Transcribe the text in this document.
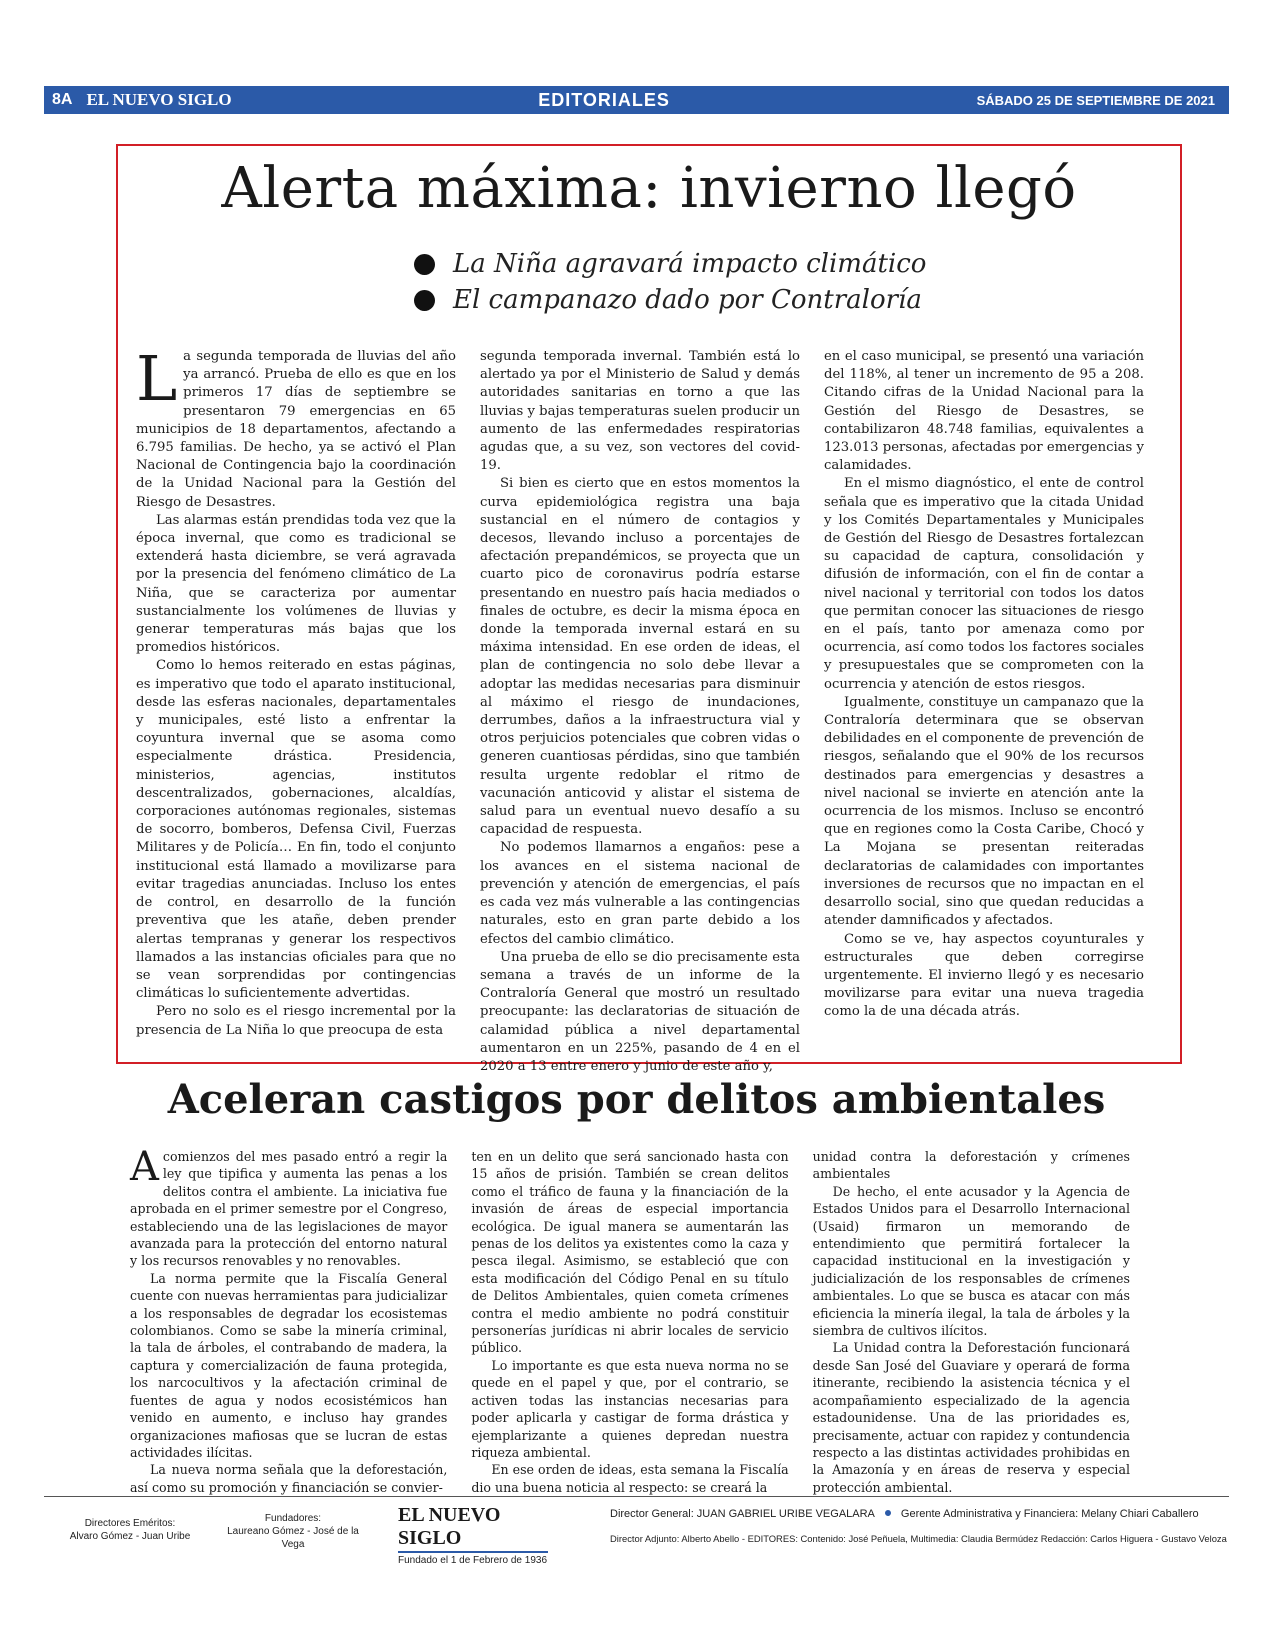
8A EL NUEVO SIGLO	EDITORIALES	SÁBADO 25 DE SEPTIEMBRE DE 2021
Alerta máxima: invierno llegó
La Niña agravará impacto climático
El campanazo dado por Contraloría

La segunda temporada de lluvias del año ya arrancó. Prueba de ello es que en los primeros 17 días de septiembre se presentaron 79 emergencias en 65 municipios de 18 departamentos, afectando a 6.795 familias. De hecho, ya se activó el Plan Nacional de Contingencia bajo la coordinación de la Unidad Nacional para la Gestión del Riesgo de Desastres.

Las alarmas están prendidas toda vez que la época invernal, que como es tradicional se extenderá hasta diciembre, se verá agravada por la presencia del fenómeno climático de La Niña, que se caracteriza por aumentar sustancialmente los volúmenes de lluvias y generar temperaturas más bajas que los promedios históricos.

Como lo hemos reiterado en estas páginas, es imperativo que todo el aparato institucional, desde las esferas nacionales, departamentales y municipales, esté listo a enfrentar la coyuntura invernal que se asoma como especialmente drástica. Presidencia, ministerios, agencias, institutos descentralizados, gobernaciones, alcaldías, corporaciones autónomas regionales, sistemas de socorro, bomberos, Defensa Civil, Fuerzas Militares y de Policía… En fin, todo el conjunto institucional está llamado a movilizarse para evitar tragedias anunciadas. Incluso los entes de control, en desarrollo de la función preventiva que les atañe, deben prender alertas tempranas y generar los respectivos llamados a las instancias oficiales para que no se vean sorprendidas por contingencias climáticas lo suficientemente advertidas.

Pero no solo es el riesgo incremental por la presencia de La Niña lo que preocupa de esta

segunda temporada invernal. También está lo alertado ya por el Ministerio de Salud y demás autoridades sanitarias en torno a que las lluvias y bajas temperaturas suelen producir un aumento de las enfermedades respiratorias agudas que, a su vez, son vectores del covid-19.

Si bien es cierto que en estos momentos la curva epidemiológica registra una baja sustancial en el número de contagios y decesos, llevando incluso a porcentajes de afectación prepandémicos, se proyecta que un cuarto pico de coronavirus podría estarse presentando en nuestro país hacia mediados o finales de octubre, es decir la misma época en donde la temporada invernal estará en su máxima intensidad. En ese orden de ideas, el plan de contingencia no solo debe llevar a adoptar las medidas necesarias para disminuir al máximo el riesgo de inundaciones, derrumbes, daños a la infraestructura vial y otros perjuicios potenciales que cobren vidas o generen cuantiosas pérdidas, sino que también resulta urgente redoblar el ritmo de vacunación anticovid y alistar el sistema de salud para un eventual nuevo desafío a su capacidad de respuesta.

No podemos llamarnos a engaños: pese a los avances en el sistema nacional de prevención y atención de emergencias, el país es cada vez más vulnerable a las contingencias naturales, esto en gran parte debido a los efectos del cambio climático.

Una prueba de ello se dio precisamente esta semana a través de un informe de la Contraloría General que mostró un resultado preocupante: las declaratorias de situación de calamidad pública a nivel departamental aumentaron en un 225%, pasando de 4 en el 2020 a 13 entre enero y junio de este año y,

en el caso municipal, se presentó una variación del 118%, al tener un incremento de 95 a 208. Citando cifras de la Unidad Nacional para la Gestión del Riesgo de Desastres, se contabilizaron 48.748 familias, equivalentes a 123.013 personas, afectadas por emergencias y calamidades.

En el mismo diagnóstico, el ente de control señala que es imperativo que la citada Unidad y los Comités Departamentales y Municipales de Gestión del Riesgo de Desastres fortalezcan su capacidad de captura, consolidación y difusión de información, con el fin de contar a nivel nacional y territorial con todos los datos que permitan conocer las situaciones de riesgo en el país, tanto por amenaza como por ocurrencia, así como todos los factores sociales y presupuestales que se comprometen con la ocurrencia y atención de estos riesgos.

Igualmente, constituye un campanazo que la Contraloría determinara que se observan debilidades en el componente de prevención de riesgos, señalando que el 90% de los recursos destinados para emergencias y desastres a nivel nacional se invierte en atención ante la ocurrencia de los mismos. Incluso se encontró que en regiones como la Costa Caribe, Chocó y La Mojana se presentan reiteradas declaratorias de calamidades con importantes inversiones de recursos que no impactan en el desarrollo social, sino que quedan reducidas a atender damnificados y afectados.

Como se ve, hay aspectos coyunturales y estructurales que deben corregirse urgentemente. El invierno llegó y es necesario movilizarse para evitar una nueva tragedia como la de una década atrás.

Aceleran castigos por delitos ambientales

Acomienzos del mes pasado entró a regir la ley que tipifica y aumenta las penas a los delitos contra el ambiente. La iniciativa fue aprobada en el primer semestre por el Congreso, estableciendo una de las legislaciones de mayor avanzada para la protección del entorno natural y los recursos renovables y no renovables.

La norma permite que la Fiscalía General cuente con nuevas herramientas para judicializar a los responsables de degradar los ecosistemas colombianos. Como se sabe la minería criminal, la tala de árboles, el contrabando de madera, la captura y comercialización de fauna protegida, los narcocultivos y la afectación criminal de fuentes de agua y nodos ecosistémicos han venido en aumento, e incluso hay grandes organizaciones mafiosas que se lucran de estas actividades ilícitas.

La nueva norma señala que la deforestación, así como su promoción y financiación se convier-

ten en un delito que será sancionado hasta con 15 años de prisión. También se crean delitos como el tráfico de fauna y la financiación de la invasión de áreas de especial importancia ecológica. De igual manera se aumentarán las penas de los delitos ya existentes como la caza y pesca ilegal. Asimismo, se estableció que con esta modificación del Código Penal en su título de Delitos Ambientales, quien cometa crímenes contra el medio ambiente no podrá constituir personerías jurídicas ni abrir locales de servicio público.

Lo importante es que esta nueva norma no se quede en el papel y que, por el contrario, se activen todas las instancias necesarias para poder aplicarla y castigar de forma drástica y ejemplarizante a quienes depredan nuestra riqueza ambiental.

En ese orden de ideas, esta semana la Fiscalía dio una buena noticia al respecto: se creará la

unidad contra la deforestación y crímenes ambientales

De hecho, el ente acusador y la Agencia de Estados Unidos para el Desarrollo Internacional (Usaid) firmaron un memorando de entendimiento que permitirá fortalecer la capacidad institucional en la investigación y judicialización de los responsables de crímenes ambientales. Lo que se busca es atacar con más eficiencia la minería ilegal, la tala de árboles y la siembra de cultivos ilícitos.

La Unidad contra la Deforestación funcionará desde San José del Guaviare y operará de forma itinerante, recibiendo la asistencia técnica y el acompañamiento especializado de la agencia estadounidense. Una de las prioridades es, precisamente, actuar con rapidez y contundencia respecto a las distintas actividades prohibidas en la Amazonía y en áreas de reserva y especial protección ambiental.

Directores Eméritos:
Alvaro Gómez - Juan Uribe
Fundadores:
Laureano Gómez - José de la Vega
EL NUEVO SIGLO
Fundado el 1 de Febrero de 1936
Director General: JUAN GABRIEL URIBE VEGALARA Gerente Administrativa y Financiera: Melany Chiari Caballero
Director Adjunto: Alberto Abello - EDITORES: Contenido: José Peñuela, Multimedia: Claudia Bermúdez Redacción: Carlos Higuera - Gustavo Veloza
